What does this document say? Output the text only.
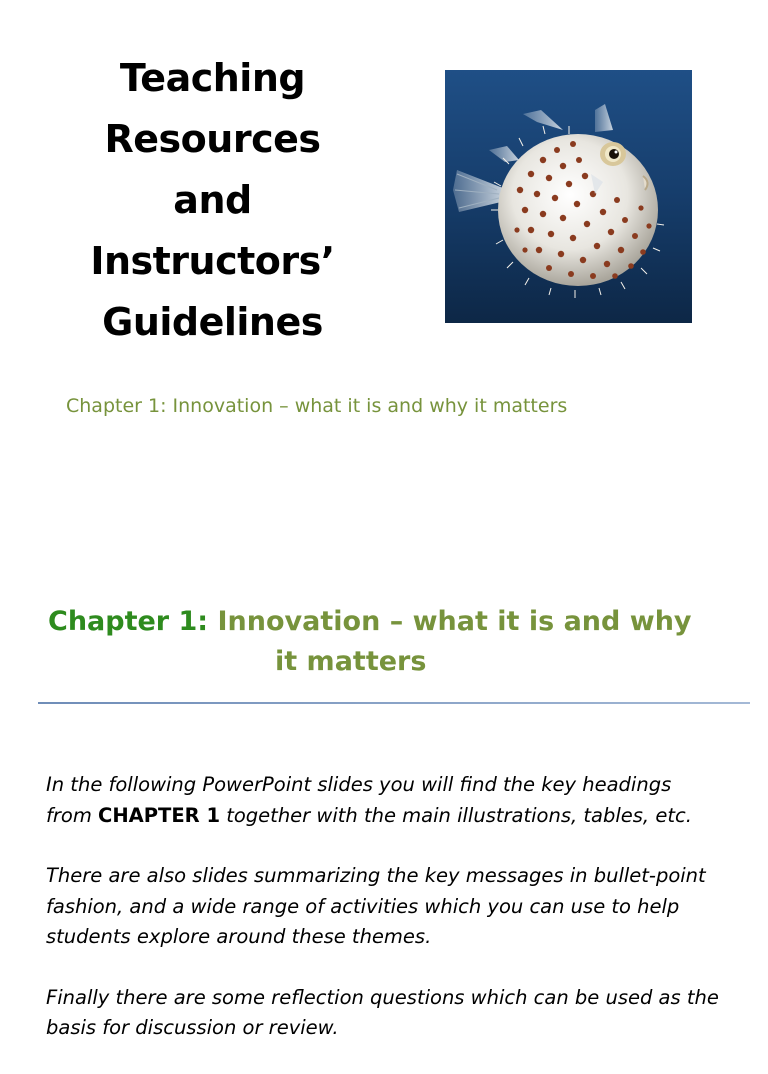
Teaching
Resources
and
Instructors’
Guidelines

Chapter 1: Innovation – what it is and why it matters

Chapter 1: Innovation – what it is and why
it matters

In the following PowerPoint slides you will find the key headings
from CHAPTER 1 together with the main illustrations, tables, etc.

There are also slides summarizing the key messages in bullet-point fashion, and a wide range of activities which you can use to help students explore around these themes.

Finally there are some reflection questions which can be used as the basis for discussion or review.
